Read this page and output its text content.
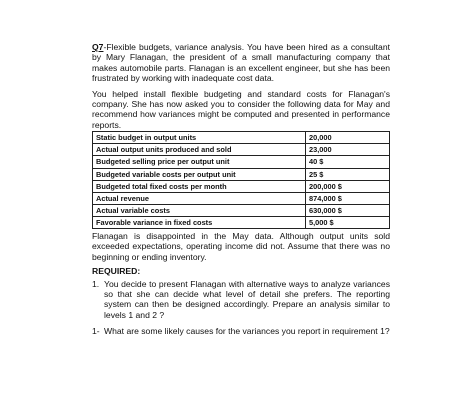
Q7-Flexible budgets, variance analysis. You have been hired as a consultant by Mary Flanagan, the president of a small manufacturing company that makes automobile parts. Flanagan is an excellent engineer, but she has been frustrated by working with inadequate cost data.

You helped install flexible budgeting and standard costs for Flanagan's company. She has now asked you to consider the following data for May and recommend how variances might be computed and presented in performance reports.

Static budget in output units	20,000
Actual output units produced and sold	23,000
Budgeted selling price per output unit	40 $
Budgeted variable costs per output unit	25 $
Budgeted total fixed costs per month	200,000 $
Actual revenue	874,000 $
Actual variable costs	630,000 $
Favorable variance in fixed costs	5,000 $

Flanagan is disappointed in the May data. Although output units sold exceeded expectations, operating income did not. Assume that there was no beginning or ending inventory.

REQUIRED:
1. You decide to present Flanagan with alternative ways to analyze variances so that she can decide what level of detail she prefers. The reporting system can then be designed accordingly. Prepare an analysis similar to levels 1 and 2 ?
1- What are some likely causes for the variances you report in requirement 1?
